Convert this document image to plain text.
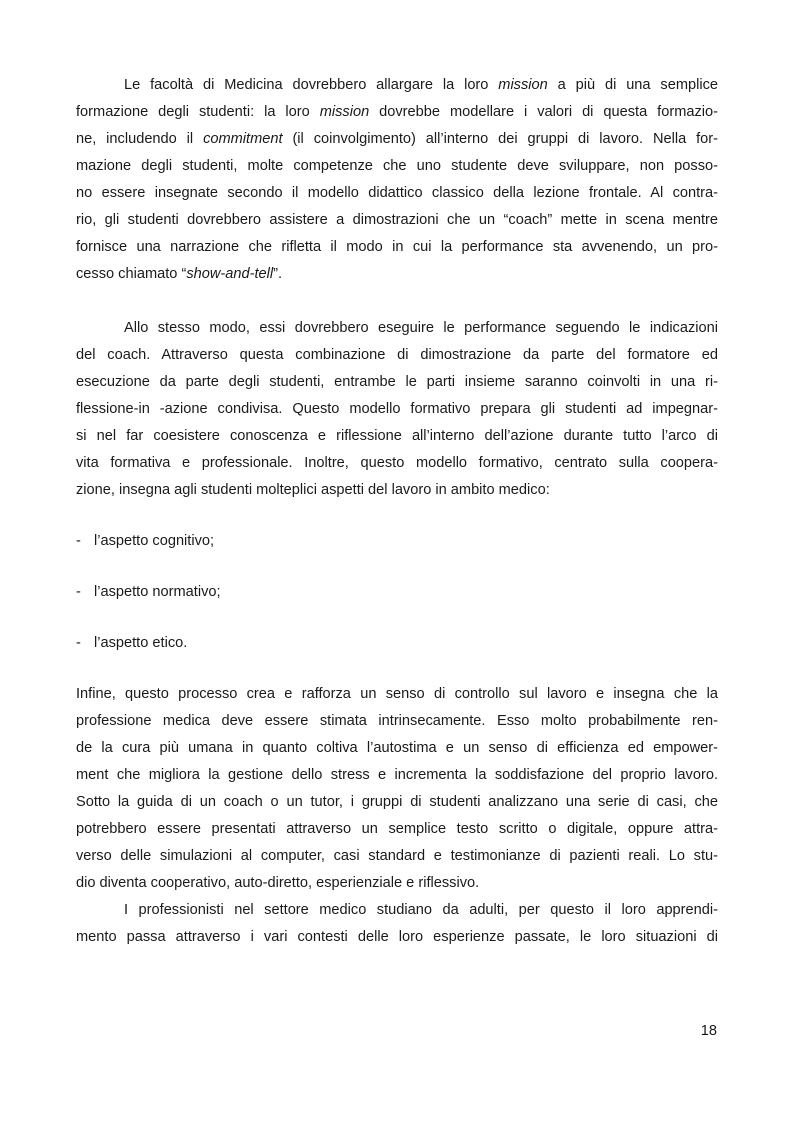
Le facoltà di Medicina dovrebbero allargare la loro mission a più di una semplice
formazione degli studenti: la loro mission dovrebbe modellare i valori di questa formazio-
ne, includendo il commitment (il coinvolgimento) all’interno dei gruppi di lavoro. Nella for-
mazione degli studenti, molte competenze che uno studente deve sviluppare, non posso-
no essere insegnate secondo il modello didattico classico della lezione frontale. Al contra-
rio, gli studenti dovrebbero assistere a dimostrazioni che un “coach” mette in scena mentre
fornisce una narrazione che rifletta il modo in cui la performance sta avvenendo, un pro-
cesso chiamato “show-and-tell”.
Allo stesso modo, essi dovrebbero eseguire le performance seguendo le indicazioni
del coach. Attraverso questa combinazione di dimostrazione da parte del formatore ed
esecuzione da parte degli studenti, entrambe le parti insieme saranno coinvolti in una ri-
flessione-in -azione condivisa. Questo modello formativo prepara gli studenti ad impegnar-
si nel far coesistere conoscenza e riflessione all’interno dell’azione durante tutto l’arco di
vita formativa e professionale. Inoltre, questo modello formativo, centrato sulla coopera-
zione, insegna agli studenti molteplici aspetti del lavoro in ambito medico:
- l’aspetto cognitivo;
- l’aspetto normativo;
- l’aspetto etico.
Infine, questo processo crea e rafforza un senso di controllo sul lavoro e insegna che la
professione medica deve essere stimata intrinsecamente. Esso molto probabilmente ren-
de la cura più umana in quanto coltiva l’autostima e un senso di efficienza ed empower-
ment che migliora la gestione dello stress e incrementa la soddisfazione del proprio lavoro.
Sotto la guida di un coach o un tutor, i gruppi di studenti analizzano una serie di casi, che
potrebbero essere presentati attraverso un semplice testo scritto o digitale, oppure attra-
verso delle simulazioni al computer, casi standard e testimonianze di pazienti reali. Lo stu-
dio diventa cooperativo, auto-diretto, esperienziale e riflessivo.
I professionisti nel settore medico studiano da adulti, per questo il loro apprendi-
mento passa attraverso i vari contesti delle loro esperienze passate, le loro situazioni di
18
